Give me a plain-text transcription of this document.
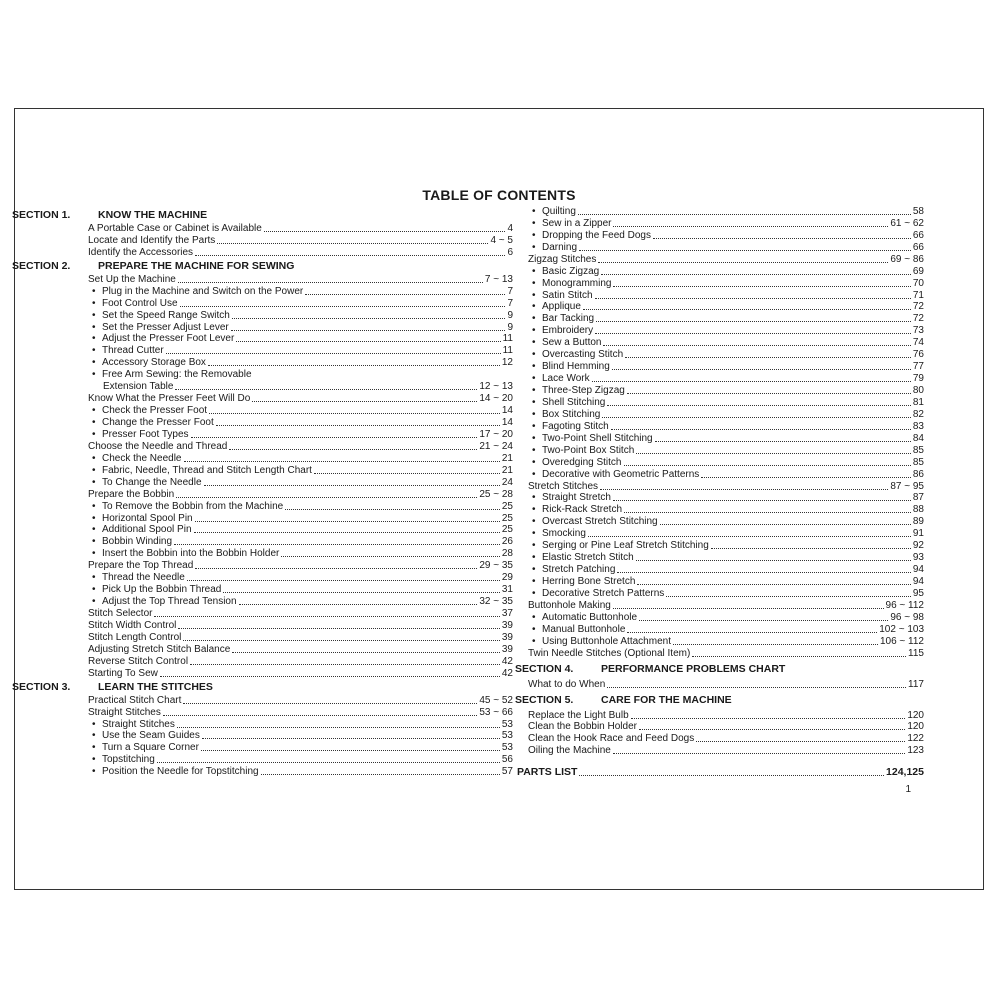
TABLE OF CONTENTS
SECTION 1.	KNOW THE MACHINE
A Portable Case or Cabinet is Available	4
Locate and Identify the Parts	4 ~ 5
Identify the Accessories	6
SECTION 2.	PREPARE THE MACHINE FOR SEWING
Set Up the Machine	7 ~ 13
• Plug in the Machine and Switch on the Power	7
• Foot Control Use	7
• Set the Speed Range Switch	9
• Set the Presser Adjust Lever	9
• Adjust the Presser Foot Lever	11
• Thread Cutter	11
• Accessory Storage Box	12
• Free Arm Sewing: the Removable
Extension Table	12 ~ 13
Know What the Presser Feet Will Do	14 ~ 20
• Check the Presser Foot	14
• Change the Presser Foot	14
• Presser Foot Types	17 ~ 20
Choose the Needle and Thread	21 ~ 24
• Check the Needle	21
• Fabric, Needle, Thread and Stitch Length Chart	21
• To Change the Needle	24
Prepare the Bobbin	25 ~ 28
• To Remove the Bobbin from the Machine	25
• Horizontal Spool Pin	25
• Additional Spool Pin	25
• Bobbin Winding	26
• Insert the Bobbin into the Bobbin Holder	28
Prepare the Top Thread	29 ~ 35
• Thread the Needle	29
• Pick Up the Bobbin Thread	31
• Adjust the Top Thread Tension	32 ~ 35
Stitch Selector	37
Stitch Width Control	39
Stitch Length Control	39
Adjusting Stretch Stitch Balance	39
Reverse Stitch Control	42
Starting To Sew	42
SECTION 3.	LEARN THE STITCHES
Practical Stitch Chart	45 ~ 52
Straight Stitches	53 ~ 66
• Straight Stitches	53
• Use the Seam Guides	53
• Turn a Square Corner	53
• Topstitching	56
• Position the Needle for Topstitching	57
• Quilting	58
• Sew in a Zipper	61 ~ 62
• Dropping the Feed Dogs	66
• Darning	66
Zigzag Stitches	69 ~ 86
• Basic Zigzag	69
• Monogramming	70
• Satin Stitch	71
• Applique	72
• Bar Tacking	72
• Embroidery	73
• Sew a Button	74
• Overcasting Stitch	76
• Blind Hemming	77
• Lace Work	79
• Three-Step Zigzag	80
• Shell Stitching	81
• Box Stitching	82
• Fagoting Stitch	83
• Two-Point Shell Stitching	84
• Two-Point Box Stitch	85
• Overedging Stitch	85
• Decorative with Geometric Patterns	86
Stretch Stitches	87 ~ 95
• Straight Stretch	87
• Rick-Rack Stretch	88
• Overcast Stretch Stitching	89
• Smocking	91
• Serging or Pine Leaf Stretch Stitching	92
• Elastic Stretch Stitch	93
• Stretch Patching	94
• Herring Bone Stretch	94
• Decorative Stretch Patterns	95
Buttonhole Making	96 ~ 112
• Automatic Buttonhole	96 ~ 98
• Manual Buttonhole	102 ~ 103
• Using Buttonhole Attachment	106 ~ 112
Twin Needle Stitches (Optional Item)	115
SECTION 4.	PERFORMANCE PROBLEMS CHART
What to do When	117
SECTION 5.	CARE FOR THE MACHINE
Replace the Light Bulb	120
Clean the Bobbin Holder	120
Clean the Hook Race and Feed Dogs	122
Oiling the Machine	123
PARTS LIST	124,125
1
